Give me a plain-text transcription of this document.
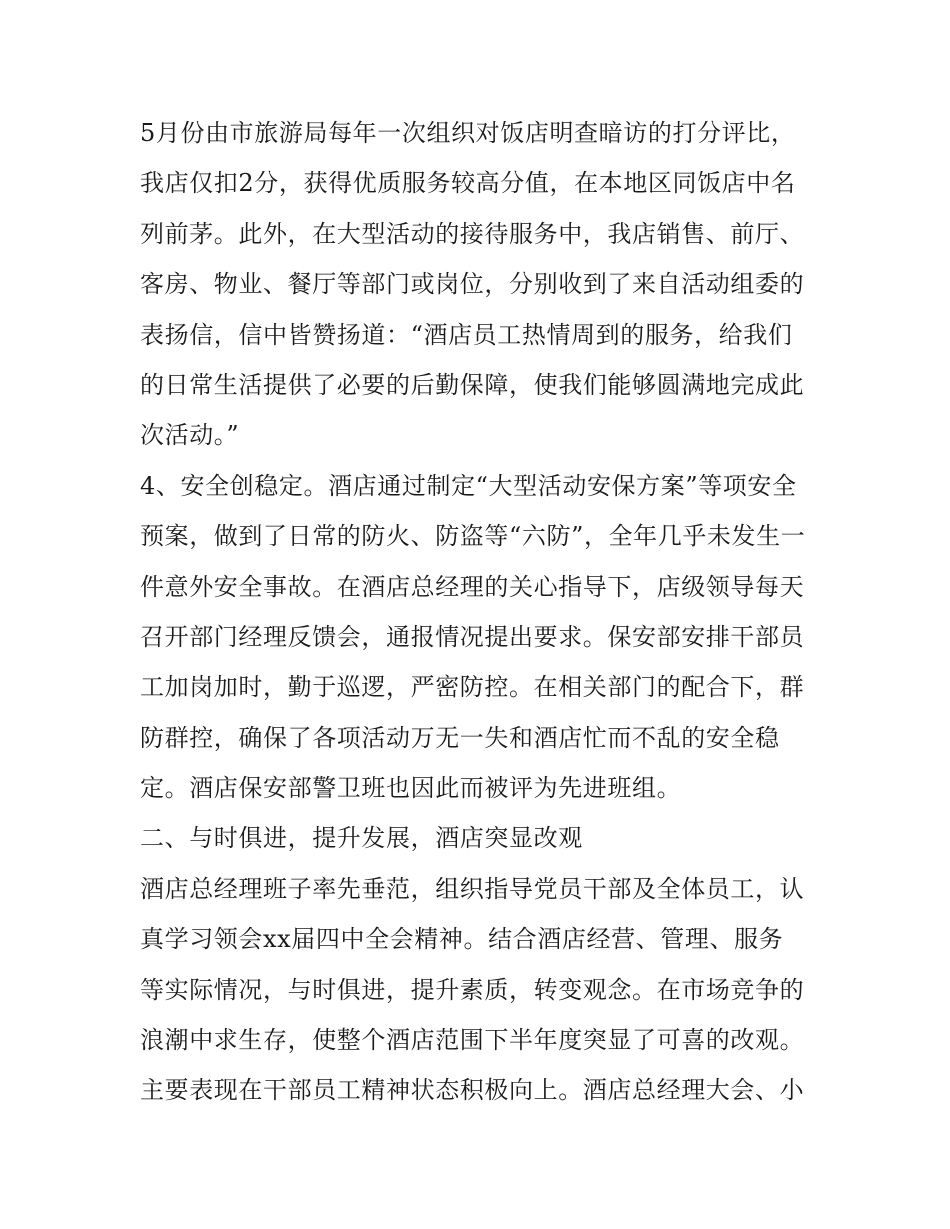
5月份由市旅游局每年一次组织对饭店明查暗访的打分评比，
我店仅扣2分，获得优质服务较高分值，在本地区同饭店中名
列前茅。此外，在大型活动的接待服务中，我店销售、前厅、
客房、物业、餐厅等部门或岗位，分别收到了来自活动组委的
表扬信，信中皆赞扬道：“酒店员工热情周到的服务，给我们
的日常生活提供了必要的后勤保障，使我们能够圆满地完成此
次活动。”
4、安全创稳定。酒店通过制定“大型活动安保方案”等项安全
预案，做到了日常的防火、防盗等“六防”，全年几乎未发生一
件意外安全事故。在酒店总经理的关心指导下，店级领导每天
召开部门经理反馈会，通报情况提出要求。保安部安排干部员
工加岗加时，勤于巡逻，严密防控。在相关部门的配合下，群
防群控，确保了各项活动万无一失和酒店忙而不乱的安全稳
定。酒店保安部警卫班也因此而被评为先进班组。
二、与时俱进，提升发展，酒店突显改观
酒店总经理班子率先垂范，组织指导党员干部及全体员工，认
真学习领会xx届四中全会精神。结合酒店经营、管理、服务
等实际情况，与时俱进，提升素质，转变观念。在市场竞争的
浪潮中求生存，使整个酒店范围下半年度突显了可喜的改观。
主要表现在干部员工精神状态积极向上。酒店总经理大会、小
